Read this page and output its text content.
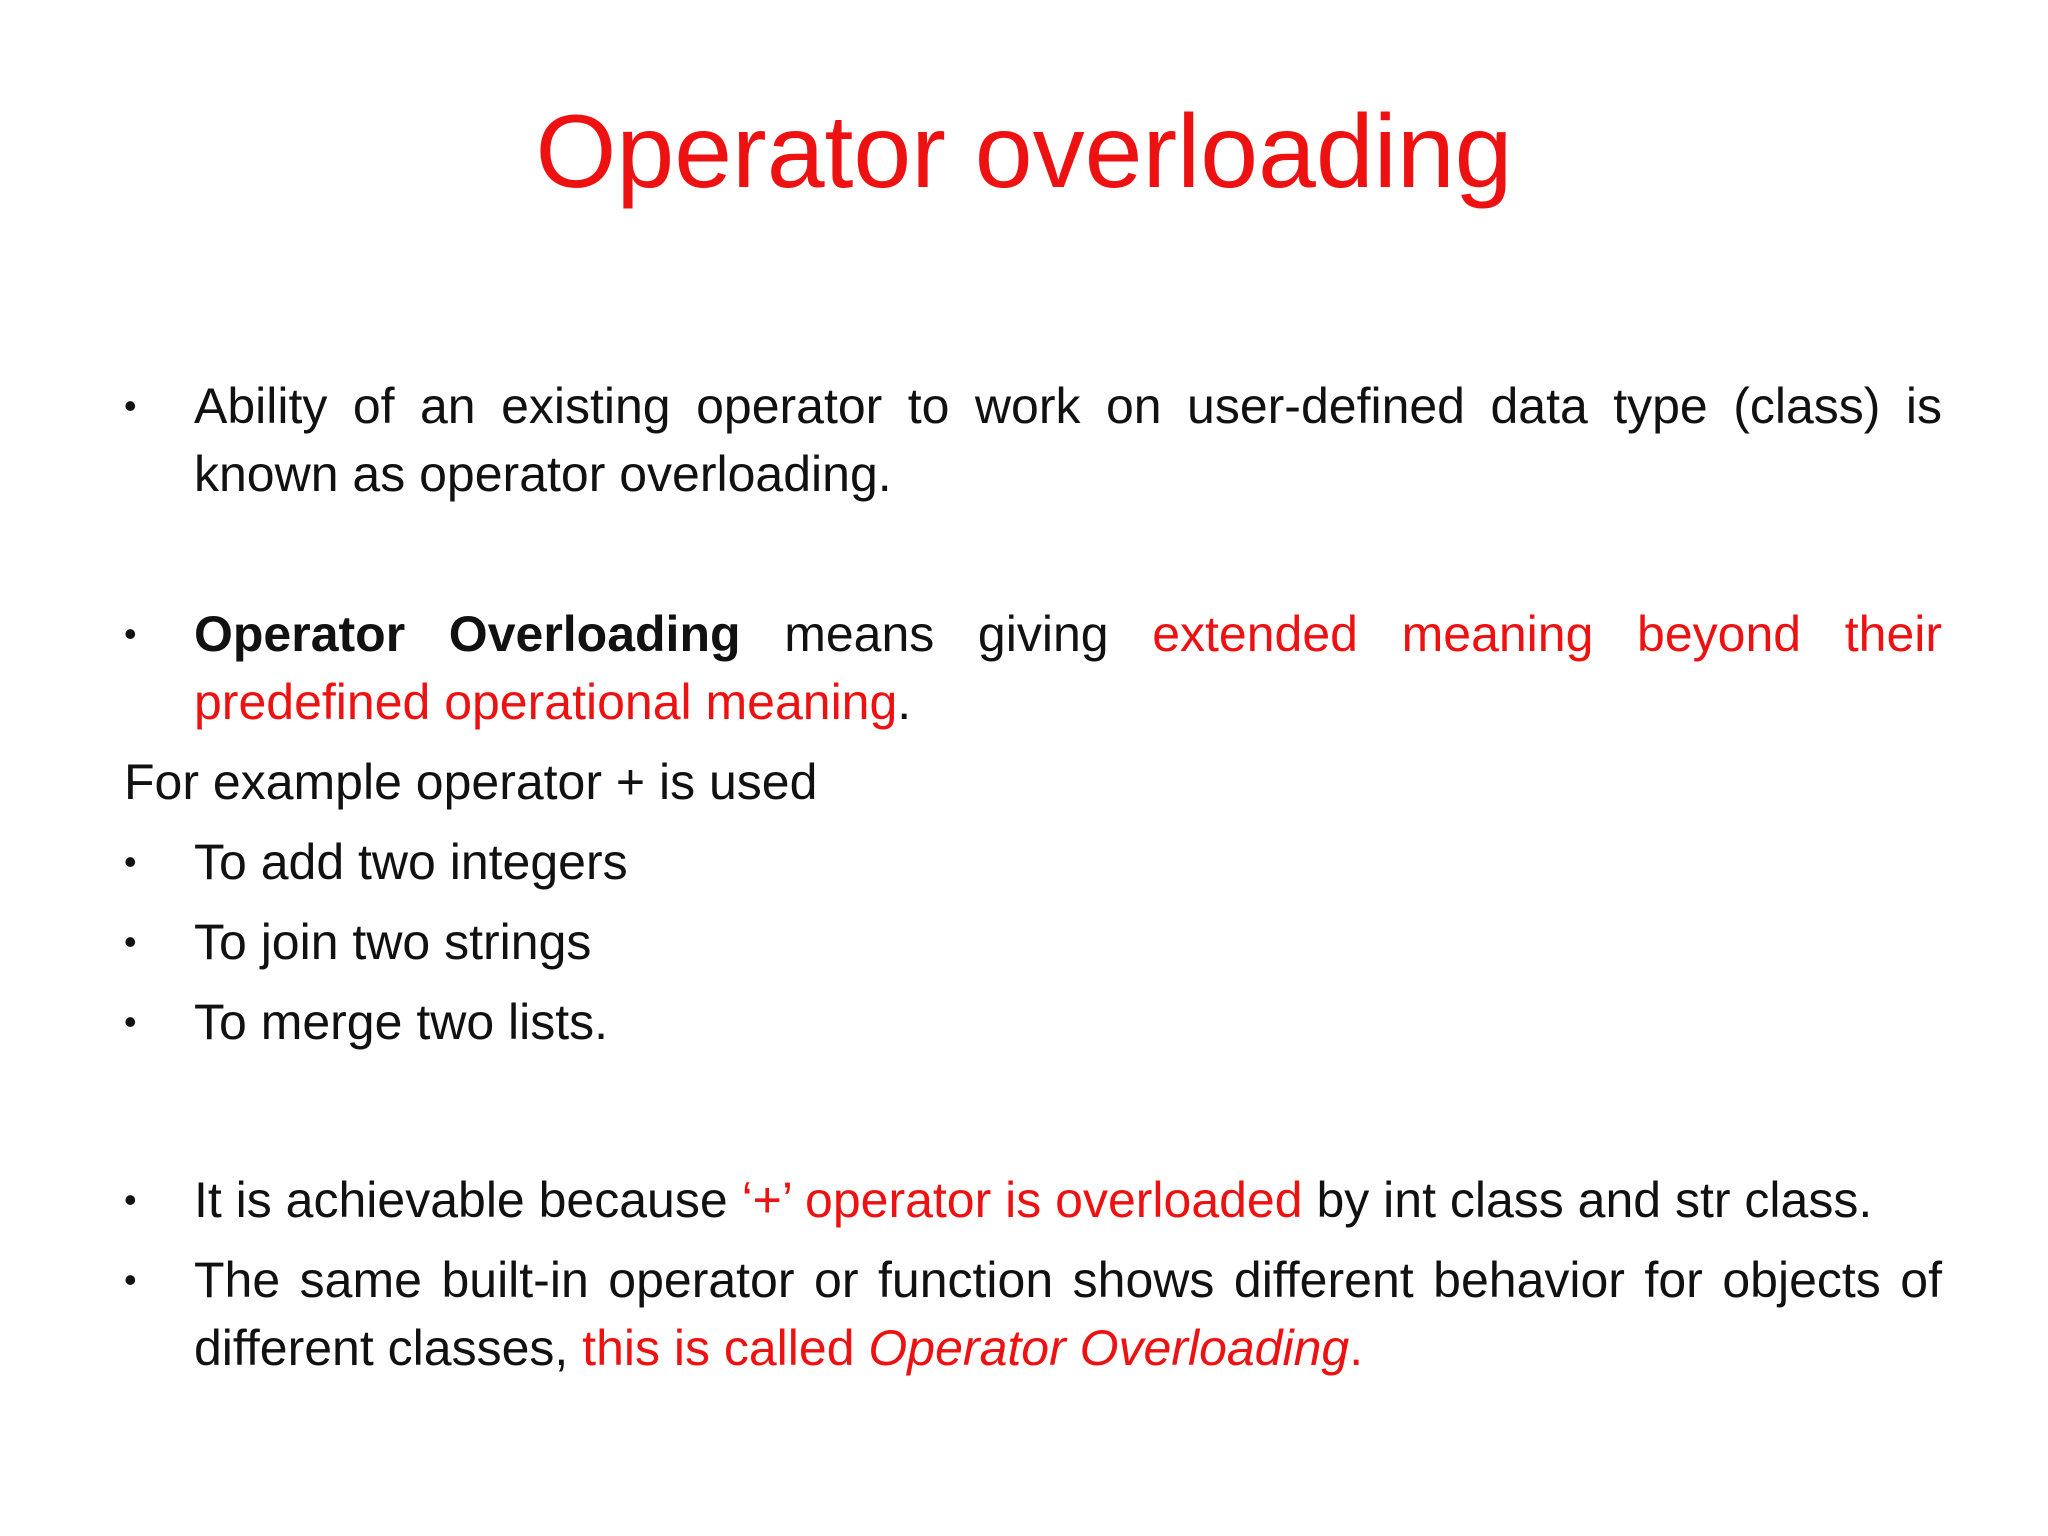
Operator overloading
•	Ability of an existing operator to work on user-defined data type (class) is known as operator overloading.
•	Operator Overloading means giving extended meaning beyond their predefined operational meaning.
For example operator + is used
•	To add two integers
•	To join two strings
•	To merge two lists.
•	It is achievable because ‘+’ operator is overloaded by int class and str class.
•	The same built-in operator or function shows different behavior for objects of different classes, this is called Operator Overloading.
